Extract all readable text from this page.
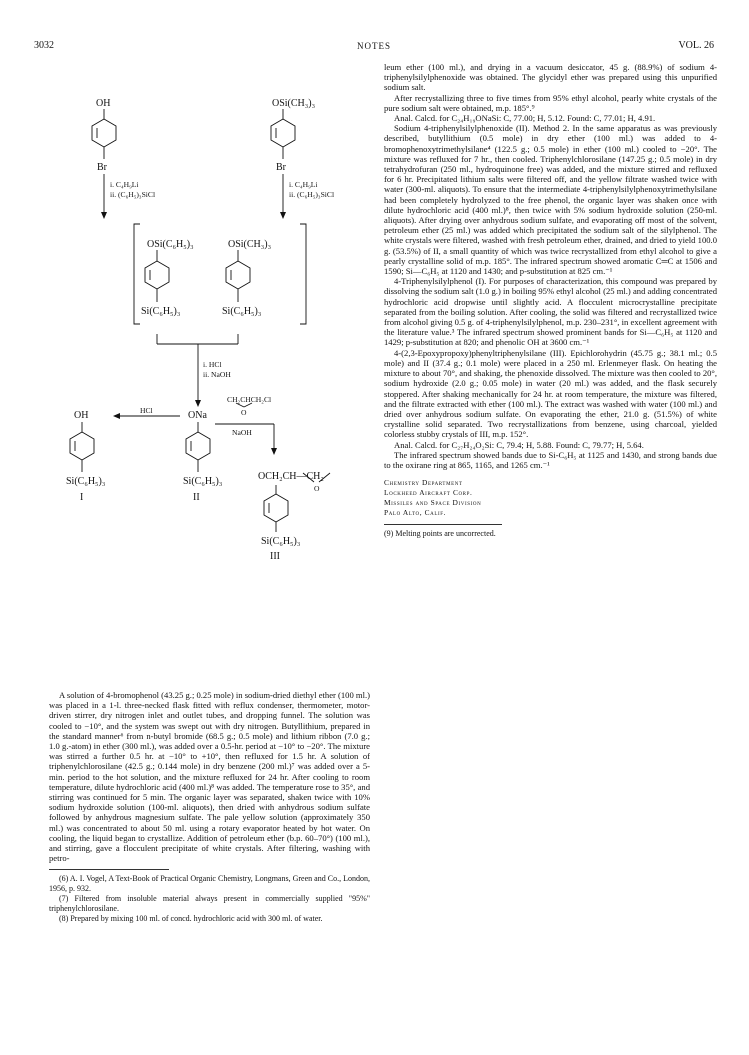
3032	NOTES	VOL. 26
OH	OSi(CH₃)₃
Br	Br
OSi(C₆H₅)₃	OSi(CH₃)₃
Si(C₆H₅)₃	Si(C₆H₅)₃
OH	ONa
Si(C₆H₅)₃	Si(C₆H₅)₃	OCH₂CH—CH₂
Si(C₆H₅)₃
I	II
III
i. C₄H₉Li
ii. (C₆H₅)₃SiCl
i. C₄H₉Li
ii. (C₆H₅)₃SiCl
i. HCl
ii. NaOH
CH₂CHCH₂Cl
O
HCl
NaOH
O

A solution of 4-bromophenol (43.25 g.; 0.25 mole) in sodium-dried diethyl ether (100 ml.) was placed in a 1-l. three-necked flask fitted with reflux condenser, thermometer, motor-driven stirrer, dry nitrogen inlet and outlet tubes, and dropping funnel. The solution was cooled to −10°, and the system was swept out with dry nitrogen. Butyllithium, prepared in the standard manner⁶ from n-butyl bromide (68.5 g.; 0.5 mole) and lithium ribbon (7.0 g.; 1.0 g.-atom) in ether (300 ml.), was added over a 0.5-hr. period at −10° to −20°. The mixture was stirred a further 0.5 hr. at −10° to +10°, then refluxed for 1.5 hr. A solution of triphenylchlorosilane (42.5 g.; 0.144 mole) in dry benzene (200 ml.)⁷ was added over a 5-min. period to the hot solution, and the mixture refluxed for 24 hr. After cooling to room temperature, dilute hydrochloric acid (400 ml.)⁸ was added. The temperature rose to 35°, and stirring was continued for 5 min. The organic layer was separated, shaken twice with 10% sodium hydroxide solution (100-ml. aliquots), then dried with anhydrous sodium sulfate followed by anhydrous magnesium sulfate. The pale yellow solution (approximately 350 ml.) was concentrated to about 50 ml. using a rotary evaporator heated by hot water. On cooling, the liquid began to crystallize. Addition of petroleum ether (b.p. 60–70°) (100 ml.), and stirring, gave a flocculent precipitate of white crystals. After filtering, washing with petro-

(6) A. I. Vogel, A Text-Book of Practical Organic Chemistry, Longmans, Green and Co., London, 1956, p. 932.

(7) Filtered from insoluble material always present in commercially supplied "95%" triphenylchlorosilane.

(8) Prepared by mixing 100 ml. of concd. hydrochloric acid with 300 ml. of water.

leum ether (100 ml.), and drying in a vacuum desiccator, 45 g. (88.9%) of sodium 4-triphenylsilylphenoxide was obtained. The glycidyl ether was prepared using this unpurified sodium salt.

After recrystallizing three to five times from 95% ethyl alcohol, pearly white crystals of the pure sodium salt were obtained, m.p. 185°.⁹

Anal. Calcd. for C₂₄H₁₉ONaSi: C, 77.00; H, 5.12. Found: C, 77.01; H, 4.91.

Sodium 4-triphenylsilylphenoxide (II). Method 2. In the same apparatus as was previously described, butyllithium (0.5 mole) in dry ether (100 ml.) was added to 4-bromophenoxytrimethylsilane⁴ (122.5 g.; 0.5 mole) in ether (100 ml.) cooled to −20°. The mixture was refluxed for 7 hr., then cooled. Triphenylchlorosilane (147.25 g.; 0.5 mole) in dry tetrahydrofuran (250 ml., hydroquinone free) was added, and the mixture stirred and refluxed for 6 hr. Precipitated lithium salts were filtered off, and the yellow filtrate washed twice with water (300-ml. aliquots). To ensure that the intermediate 4-triphenylsilylphenoxytrimethylsilane had been completely hydrolyzed to the free phenol, the organic layer was shaken once with dilute hydrochloric acid (400 ml.)⁸, then twice with 5% sodium hydroxide solution (250-ml. aliquots). After drying over anhydrous sodium sulfate, and evaporating off most of the solvent, petroleum ether (25 ml.) was added which precipitated the sodium salt of the silylphenol. The white crystals were filtered, washed with fresh petroleum ether, drained, and dried to yield 100.0 g. (53.5%) of II, a small quantity of which was twice recrystallized from ethyl alcohol to give a pearly crystalline solid of m.p. 185°. The infrared spectrum showed aromatic C═C at 1506 and 1590; Si—C₆H₅ at 1120 and 1430; and p-substitution at 825 cm.⁻¹

4-Triphenylsilylphenol (I). For purposes of characterization, this compound was prepared by dissolving the sodium salt (1.0 g.) in boiling 95% ethyl alcohol (25 ml.) and adding concentrated hydrochloric acid dropwise until slightly acid. A flocculent microcrystalline precipitate separated from the boiling solution. After cooling, the solid was filtered and recrystallized twice from alcohol giving 0.5 g. of 4-triphenylsilylphenol, m.p. 230–231°, in excellent agreement with the literature value.³ The infrared spectrum showed prominent bands for Si—C₆H₅ at 1120 and 1429; p-substitution at 820; and phenolic OH at 3600 cm.⁻¹

4-(2,3-Epoxypropoxy)phenyltriphenylsilane (III). Epichlorohydrin (45.75 g.; 38.1 ml.; 0.5 mole) and II (37.4 g.; 0.1 mole) were placed in a 250 ml. Erlenmeyer flask. On heating the mixture to about 70°, and shaking, the phenoxide dissolved. The mixture was then cooled to 20°, sodium hydroxide (2.0 g.; 0.05 mole) in water (20 ml.) was added, and the flask securely stoppered. After shaking mechanically for 24 hr. at room temperature, the mixture was filtered, and the filtrate extracted with ether (100 ml.). The extract was washed with water (100 ml.) and dried over anhydrous sodium sulfate. On evaporating the ether, 21.0 g. (51.5%) of white crystalline solid separated. Two recrystallizations from benzene, using charcoal, yielded colorless stubby crystals of III, m.p. 152°.

Anal. Calcd. for C₂₇H₂₄O₂Si: C, 79.4; H, 5.88. Found: C, 79.77; H, 5.64.

The infrared spectrum showed bands due to Si-C₆H₅ at 1125 and 1430, and strong bands due to the oxirane ring at 865, 1165, and 1265 cm.⁻¹

Chemistry Department
Lockheed Aircraft Corp.
Missiles and Space Division
Palo Alto, Calif.
(9) Melting points are uncorrected.
